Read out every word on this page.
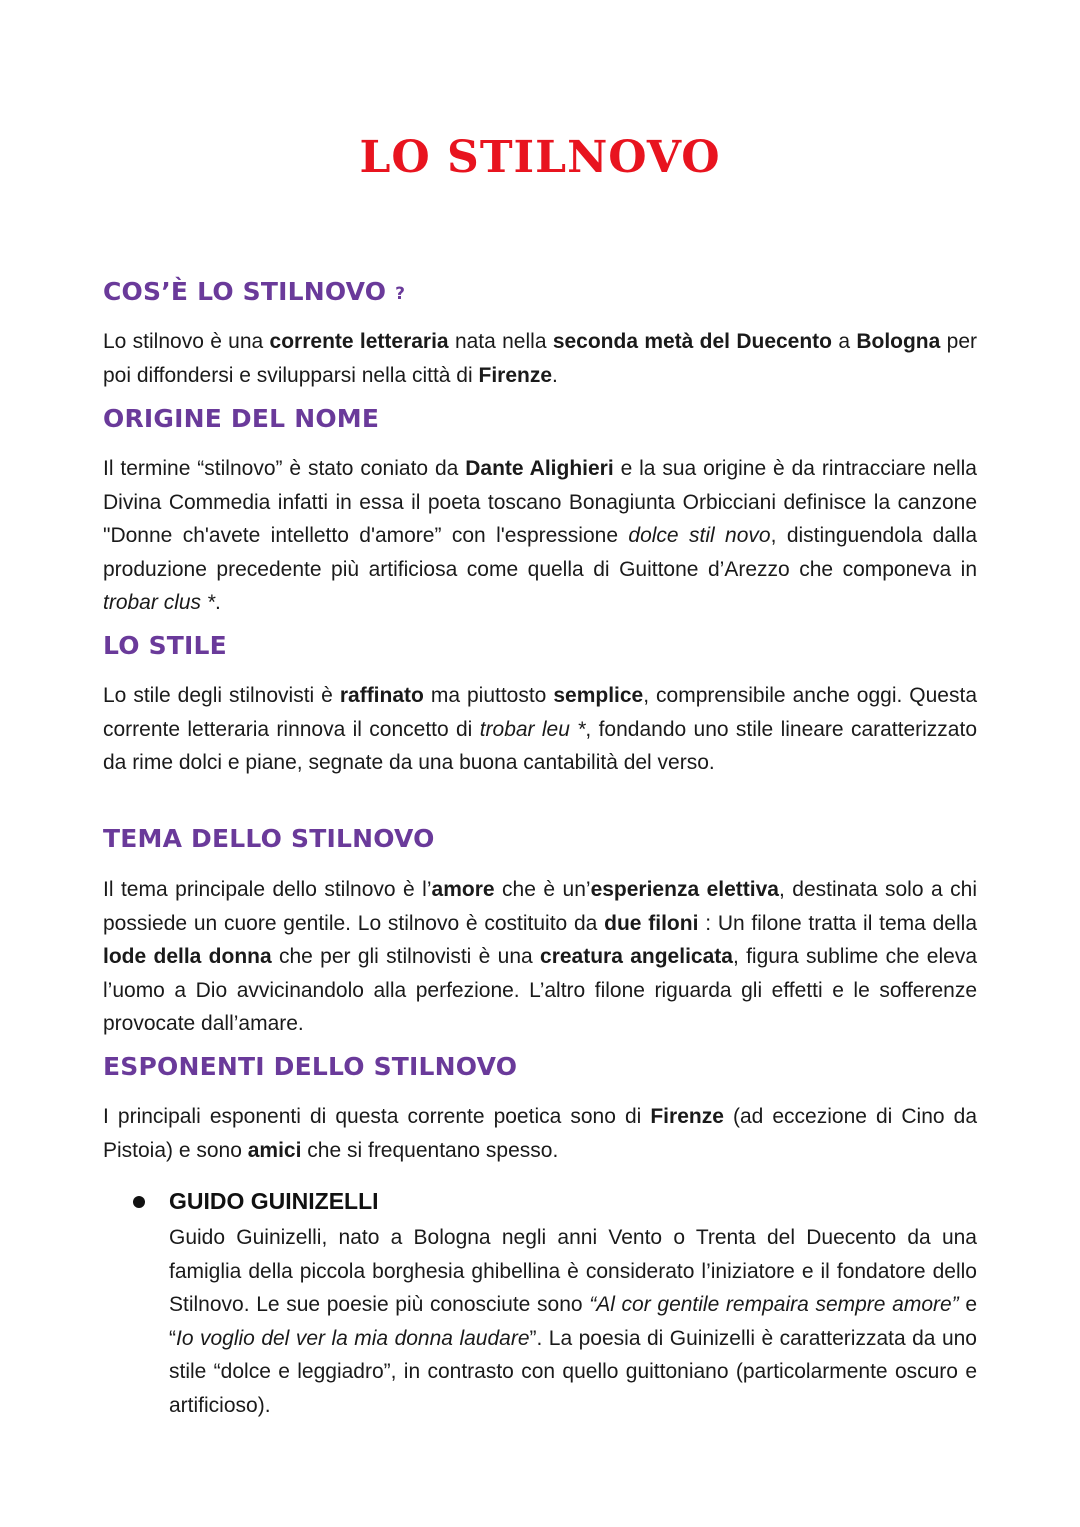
LO STILNOVO
COS’È LO STILNOVO ?

Lo stilnovo è una corrente letteraria nata nella seconda metà del Duecento a Bologna per poi diffondersi e svilupparsi nella città di Firenze.

ORIGINE DEL NOME

Il termine “stilnovo” è stato coniato da Dante Alighieri e la sua origine è da rintracciare nella Divina Commedia infatti in essa il poeta toscano Bonagiunta Orbicciani definisce la canzone "Donne ch'avete intelletto d'amore” con l'espressione dolce stil novo, distinguendola dalla produzione precedente più artificiosa come quella di Guittone d’Arezzo che componeva in trobar clus *.

LO STILE

Lo stile degli stilnovisti è raffinato ma piuttosto semplice, comprensibile anche oggi. Questa corrente letteraria rinnova il concetto di trobar leu *, fondando uno stile lineare caratterizzato da rime dolci e piane, segnate da una buona cantabilità del verso.

TEMA DELLO STILNOVO

Il tema principale dello stilnovo è l’amore che è un’esperienza elettiva, destinata solo a chi possiede un cuore gentile. Lo stilnovo è costituito da due filoni : Un filone tratta il tema della lode della donna che per gli stilnovisti è una creatura angelicata, figura sublime che eleva l’uomo a Dio avvicinandolo alla perfezione. L’altro filone riguarda gli effetti e le sofferenze provocate dall’amare.

ESPONENTI DELLO STILNOVO

I principali esponenti di questa corrente poetica sono di Firenze (ad eccezione di Cino da Pistoia) e sono amici che si frequentano spesso.

GUIDO GUINIZELLI

Guido Guinizelli, nato a Bologna negli anni Vento o Trenta del Duecento da una famiglia della piccola borghesia ghibellina è considerato l’iniziatore e il fondatore dello Stilnovo. Le sue poesie più conosciute sono “Al cor gentile rempaira sempre amore” e “Io voglio del ver la mia donna laudare”. La poesia di Guinizelli è caratterizzata da uno stile “dolce e leggiadro”, in contrasto con quello guittoniano (particolarmente oscuro e artificioso).
